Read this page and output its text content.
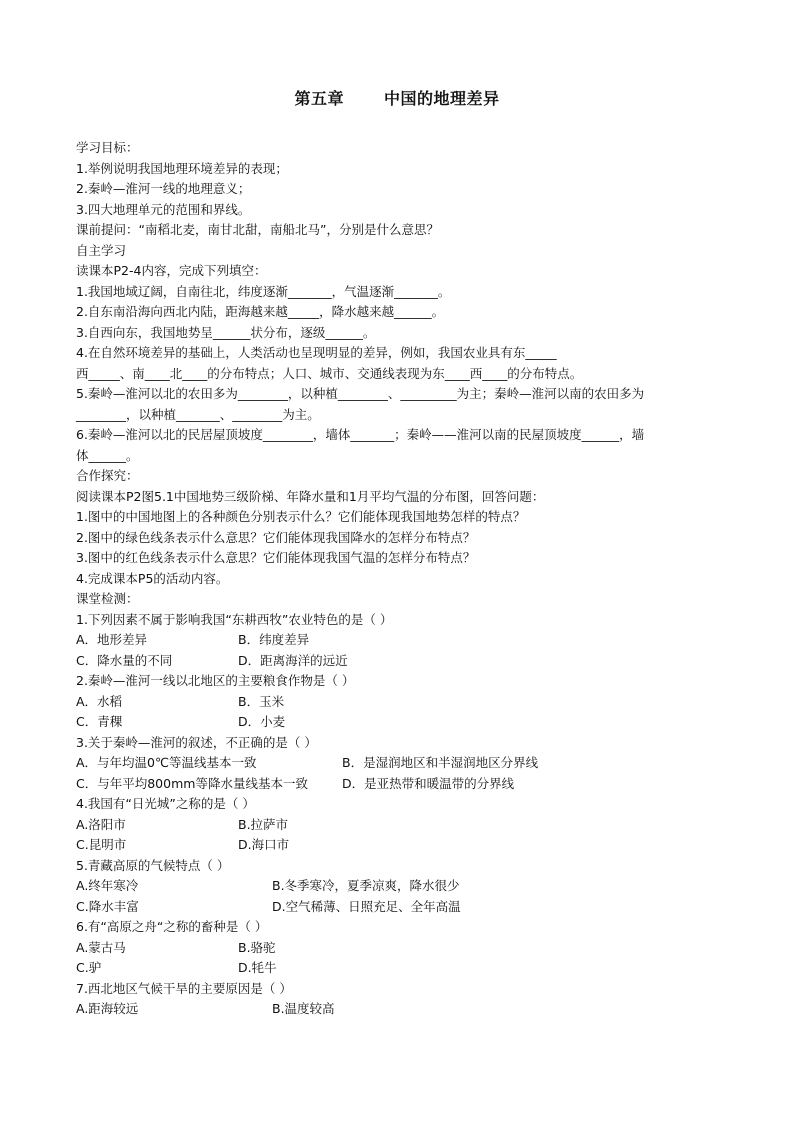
第五章	中国的地理差异
学习目标：
1.举例说明我国地理环境差异的表现；
2.秦岭—淮河一线的地理意义；
3.四大地理单元的范围和界线。
课前提问：“南稻北麦，南甘北甜，南船北马”，分别是什么意思？
自主学习
读课本P2-4内容，完成下列填空：
1.我国地域辽阔，自南往北，纬度逐渐_______，气温逐渐_______。
2.自东南沿海向西北内陆，距海越来越_____，降水越来越______。
3.自西向东，我国地势呈______状分布，逐级______。
4.在自然环境差异的基础上，人类活动也呈现明显的差异，例如，我国农业具有东_____
西_____、南____北____的分布特点；人口、城市、交通线表现为东____西____的分布特点。
5.秦岭—淮河以北的农田多为________，以种植________、_________为主；秦岭—淮河以南的农田多为
________，以种植_______、________为主。
6.秦岭—淮河以北的民居屋顶坡度________，墙体_______；秦岭——淮河以南的民屋顶坡度______，墙
体______。
合作探究：
阅读课本P2图5.1中国地势三级阶梯、年降水量和1月平均气温的分布图，回答问题：
1.图中的中国地图上的各种颜色分别表示什么？它们能体现我国地势怎样的特点？
2.图中的绿色线条表示什么意思？它们能体现我国降水的怎样分布特点？
3.图中的红色线条表示什么意思？它们能体现我国气温的怎样分布特点？
4.完成课本P5的活动内容。
课堂检测：
1.下列因素不属于影响我国“东耕西牧”农业特色的是（ ）
A．地形差异	B．纬度差异
C．降水量的不同	D．距离海洋的远近
2.秦岭—淮河一线以北地区的主要粮食作物是（ ）
A．水稻	B．玉米
C．青稞	D．小麦
3.关于秦岭—淮河的叙述，不正确的是（ ）
A．与年均温0℃等温线基本一致	B．是湿润地区和半湿润地区分界线
C．与年平均800mm等降水量线基本一致	D．是亚热带和暖温带的分界线
4.我国有“日光城”之称的是（ ）
A.洛阳市	B.拉萨市
C.昆明市	D.海口市
5.青藏高原的气候特点（ ）
A.终年寒冷	B.冬季寒冷，夏季凉爽，降水很少
C.降水丰富	D.空气稀薄、日照充足、全年高温
6.有“高原之舟“之称的畜种是（ ）
A.蒙古马	B.骆驼
C.驴	D.牦牛
7.西北地区气候干旱的主要原因是（ ）
A.距海较远	B.温度较高
